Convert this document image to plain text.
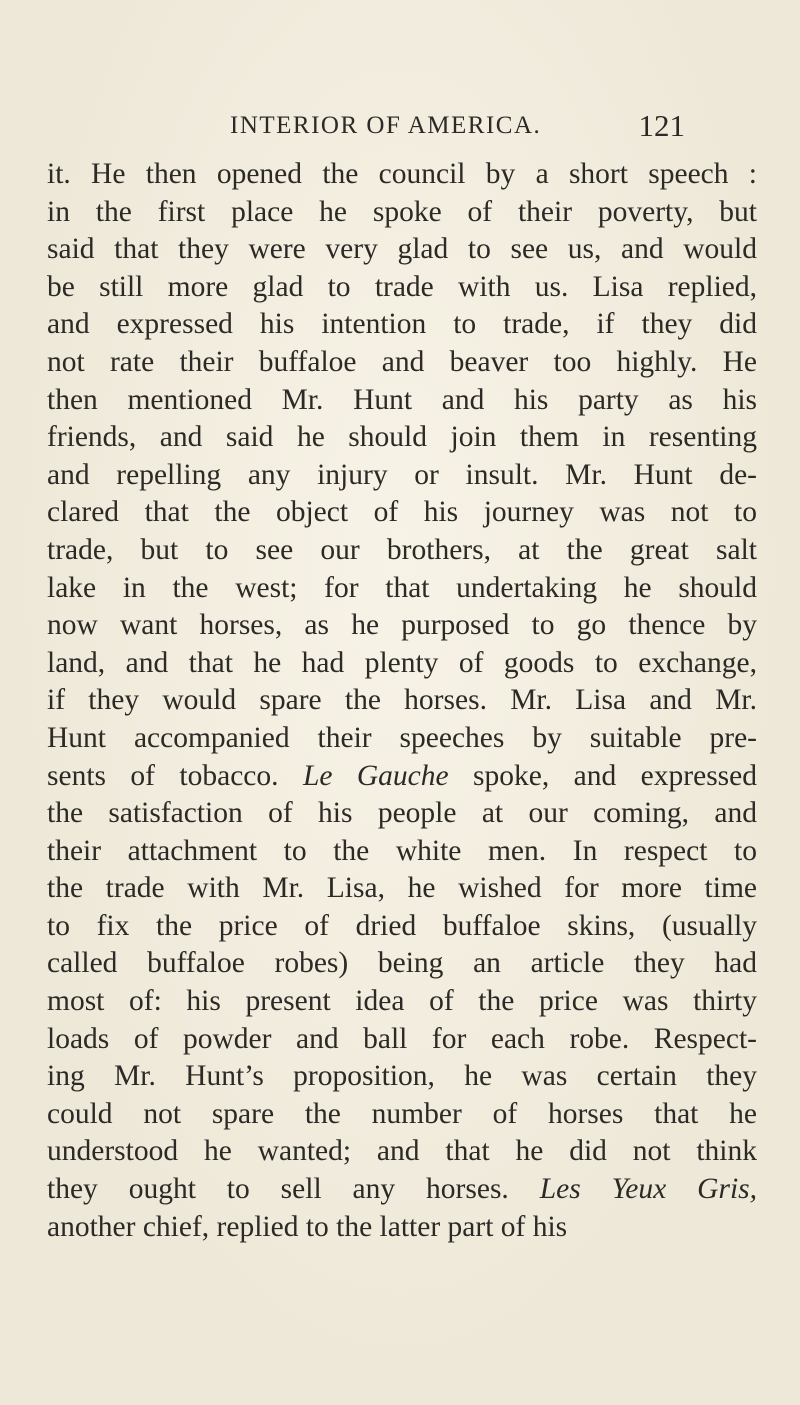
INTERIOR OF AMERICA.	121
it. He then opened the council by a short speech :
in the first place he spoke of their poverty, but
said that they were very glad to see us, and would
be still more glad to trade with us. Lisa replied,
and expressed his intention to trade, if they did
not rate their buffaloe and beaver too highly. He
then mentioned Mr. Hunt and his party as his
friends, and said he should join them in resenting
and repelling any injury or insult. Mr. Hunt de-
clared that the object of his journey was not to
trade, but to see our brothers, at the great salt
lake in the west; for that undertaking he should
now want horses, as he purposed to go thence by
land, and that he had plenty of goods to exchange,
if they would spare the horses. Mr. Lisa and Mr.
Hunt accompanied their speeches by suitable pre-
sents of tobacco. Le Gauche spoke, and expressed
the satisfaction of his people at our coming, and
their attachment to the white men. In respect to
the trade with Mr. Lisa, he wished for more time
to fix the price of dried buffaloe skins, (usually
called buffaloe robes) being an article they had
most of: his present idea of the price was thirty
loads of powder and ball for each robe. Respect-
ing Mr. Hunt’s proposition, he was certain they
could not spare the number of horses that he
understood he wanted; and that he did not think
they ought to sell any horses. Les Yeux Gris,
another chief, replied to the latter part of his
